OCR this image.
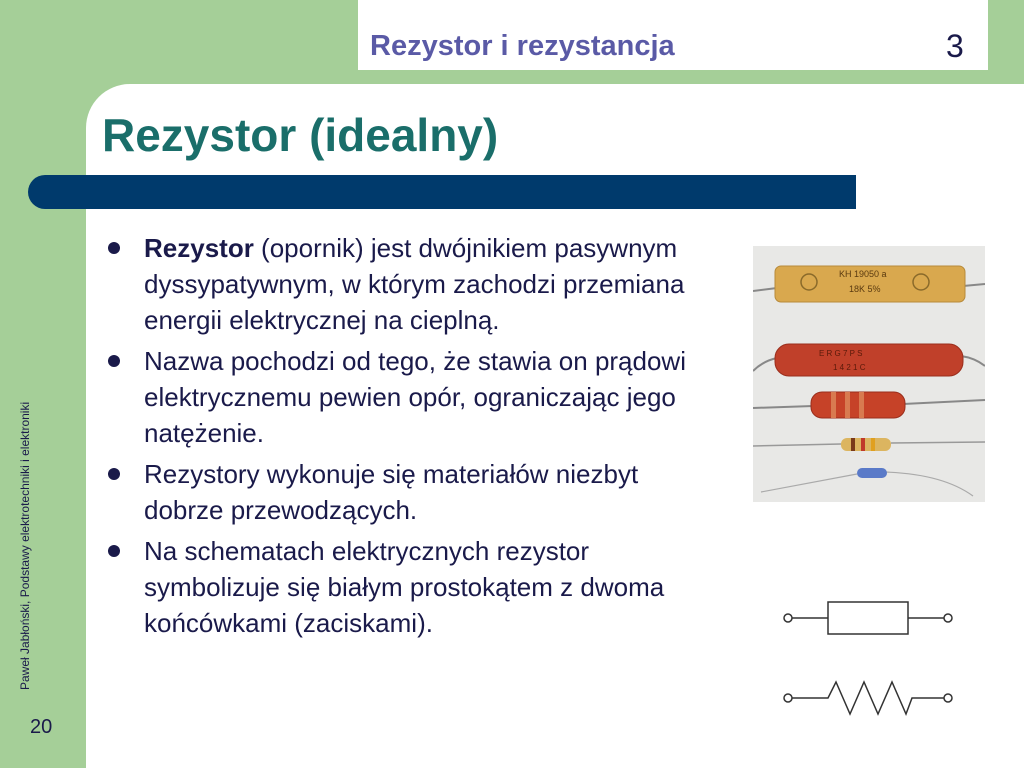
Rezystor i rezystancja	3
Rezystor (idealny)
Paweł Jabłoński, Podstawy elektrotechniki i elektroniki
20
Rezystor (opornik) jest dwójnikiem pasywnym dyssypatywnym, w którym zachodzi przemiana energii elektrycznej na cieplną.
Nazwa pochodzi od tego, że stawia on prądowi elektrycznemu pewien opór, ograniczając jego natężenie.
Rezystory wykonuje się materiałów niezbyt dobrze przewodzących.
Na schematach elektrycznych rezystor symbolizuje się białym prostokątem z dwoma końcówkami (zaciskami).
KH 19050 a
18K 5%
E R G 7 P S
1 4 2 1 C
